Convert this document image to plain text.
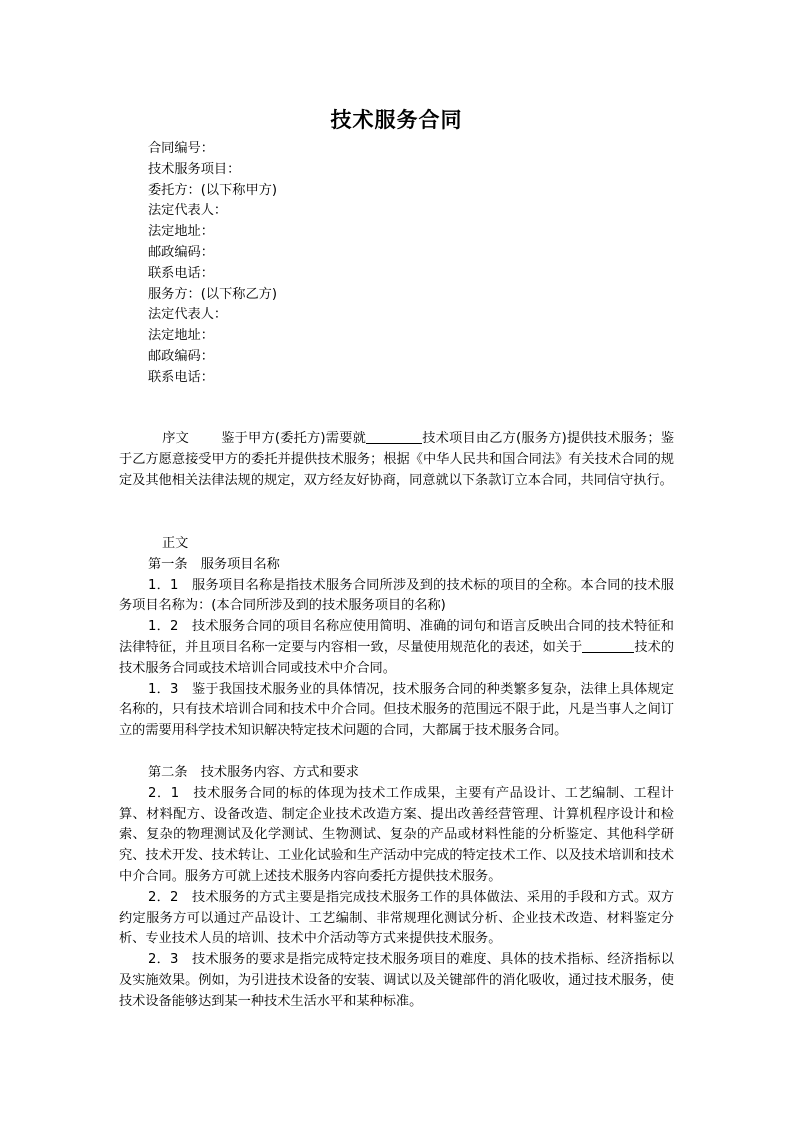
技术服务合同
合同编号：
技术服务项目：
委托方：(以下称甲方)
法定代表人：
法定地址：
邮政编码：
联系电话：
服务方：(以下称乙方)
法定代表人：
法定地址：
邮政编码：
联系电话：
序文 鉴于甲方(委托方)需要就	技术项目由乙方(服务方)提供技术服务；鉴于乙方愿意接受甲方的委托并提供技术服务；根据《中华人民共和国合同法》有关技术合同的规定及其他相关法律法规的规定，双方经友好协商，同意就以下条款订立本合同，共同信守执行。
正文
第一条　服务项目名称
1．1　服务项目名称是指技术服务合同所涉及到的技术标的项目的全称。本合同的技术服务项目名称为：(本合同所涉及到的技术服务项目的名称)
1．2　技术服务合同的项目名称应使用简明、准确的词句和语言反映出合同的技术特征和法律特征，并且项目名称一定要与内容相一致，尽量使用规范化的表述，如关于	技术的技术服务合同或技术培训合同或技术中介合同。
1．3　鉴于我国技术服务业的具体情况，技术服务合同的种类繁多复杂，法律上具体规定名称的，只有技术培训合同和技术中介合同。但技术服务的范围远不限于此，凡是当事人之间订立的需要用科学技术知识解决特定技术问题的合同，大都属于技术服务合同。
第二条　技术服务内容、方式和要求
2．1　技术服务合同的标的体现为技术工作成果，主要有产品设计、工艺编制、工程计算、材料配方、设备改造、制定企业技术改造方案、提出改善经营管理、计算机程序设计和检索、复杂的物理测试及化学测试、生物测试、复杂的产品或材料性能的分析鉴定、其他科学研究、技术开发、技术转让、工业化试验和生产活动中完成的特定技术工作、以及技术培训和技术中介合同。服务方可就上述技术服务内容向委托方提供技术服务。
2．2　技术服务的方式主要是指完成技术服务工作的具体做法、采用的手段和方式。双方约定服务方可以通过产品设计、工艺编制、非常规理化测试分析、企业技术改造、材料鉴定分析、专业技术人员的培训、技术中介活动等方式来提供技术服务。
2．3　技术服务的要求是指完成特定技术服务项目的难度、具体的技术指标、经济指标以及实施效果。例如，为引进技术设备的安装、调试以及关键部件的消化吸收，通过技术服务，使技术设备能够达到某一种技术生活水平和某种标准。
